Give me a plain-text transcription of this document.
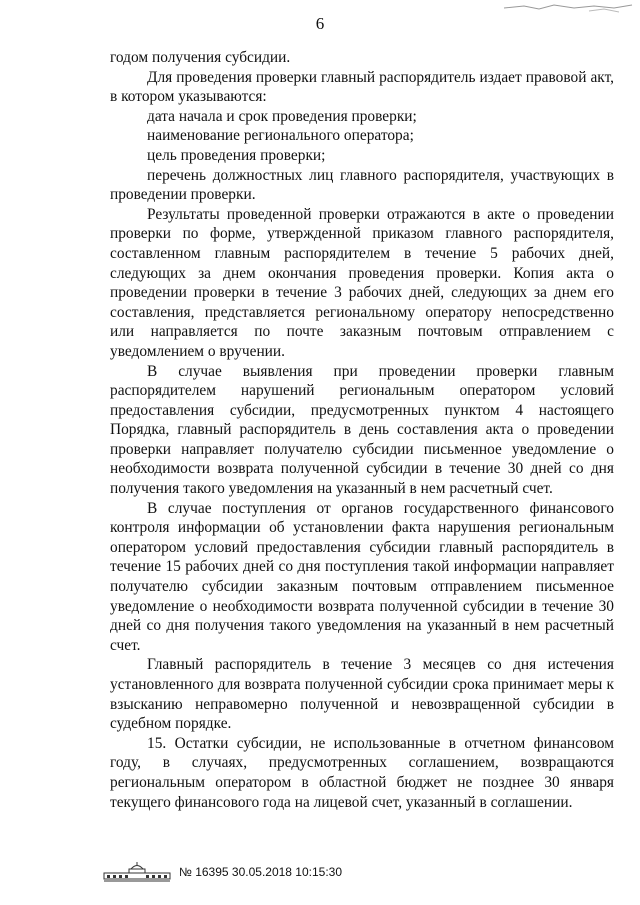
6

годом получения субсидии.

Для проведения проверки главный распорядитель издает правовой акт, в котором указываются:

дата начала и срок проведения проверки;

наименование регионального оператора;

цель проведения проверки;

перечень должностных лиц главного распорядителя, участвующих в проведении проверки.

Результаты проведенной проверки отражаются в акте о проведении проверки по форме, утвержденной приказом главного распорядителя, составленном главным распорядителем в течение 5 рабочих дней, следующих за днем окончания проведения проверки. Копия акта о проведении проверки в течение 3 рабочих дней, следующих за днем его составления, представляется региональному оператору непосредственно или направляется по почте заказным почтовым отправлением с уведомлением о вручении.

В случае выявления при проведении проверки главным распорядителем нарушений региональным оператором условий предоставления субсидии, предусмотренных пунктом 4 настоящего Порядка, главный распорядитель в день составления акта о проведении проверки направляет получателю субсидии письменное уведомление о необходимости возврата полученной субсидии в течение 30 дней со дня получения такого уведомления на указанный в нем расчетный счет.

В случае поступления от органов государственного финансового контроля информации об установлении факта нарушения региональным оператором условий предоставления субсидии главный распорядитель в течение 15 рабочих дней со дня поступления такой информации направляет получателю субсидии заказным почтовым отправлением письменное уведомление о необходимости возврата полученной субсидии в течение 30 дней со дня получения такого уведомления на указанный в нем расчетный счет.

Главный распорядитель в течение 3 месяцев со дня истечения установленного для возврата полученной субсидии срока принимает меры к взысканию неправомерно полученной и невозвращенной субсидии в судебном порядке.

15. Остатки субсидии, не использованные в отчетном финансовом году, в случаях, предусмотренных соглашением, возвращаются региональным оператором в областной бюджет не позднее 30 января текущего финансового года на лицевой счет, указанный в соглашении.

№ 16395 30.05.2018 10:15:30
